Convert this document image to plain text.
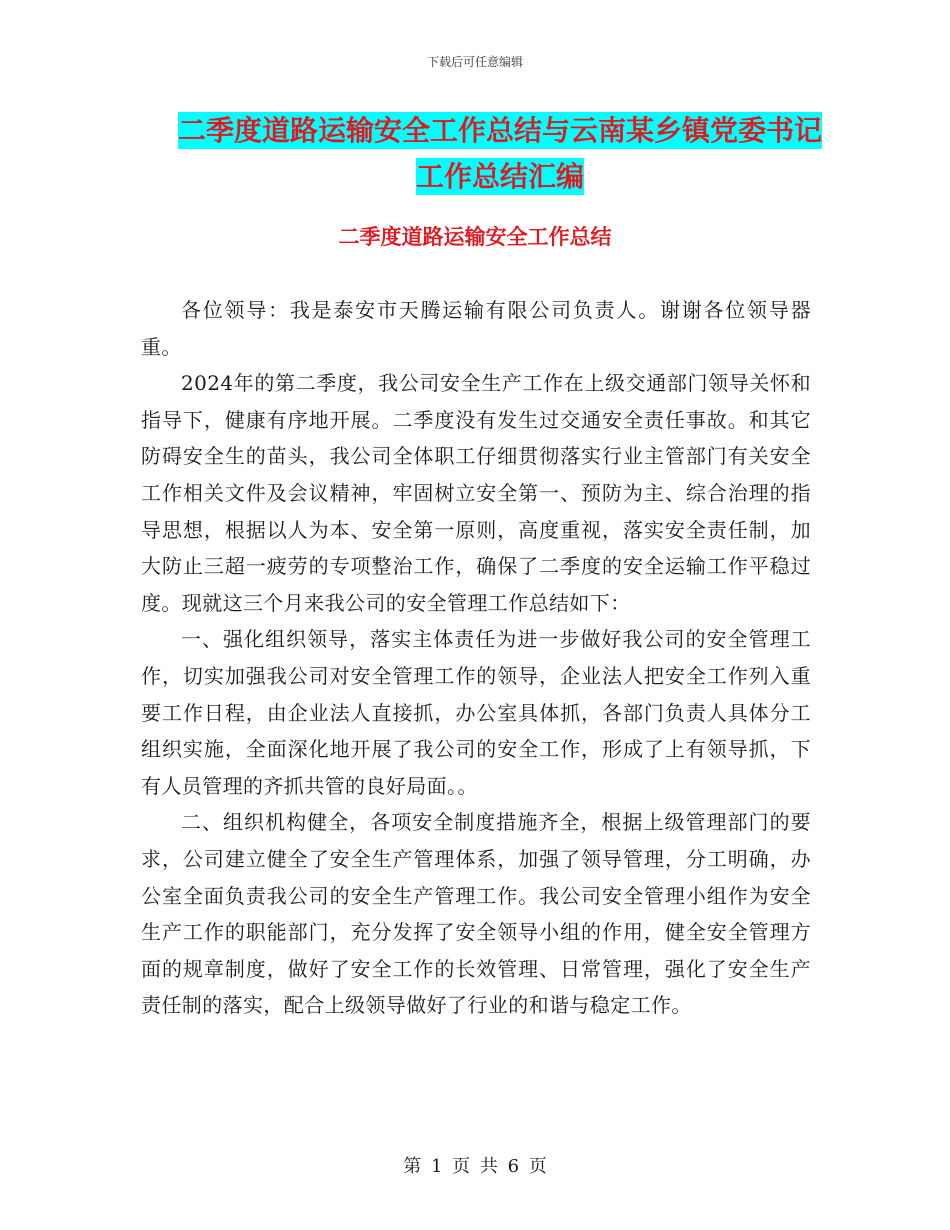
下载后可任意编辑
二季度道路运输安全工作总结与云南某乡镇党委书记
工作总结汇编
二季度道路运输安全工作总结

各位领导：我是泰安市天腾运输有限公司负责人。谢谢各位领导器重。

2024年的第二季度，我公司安全生产工作在上级交通部门领导关怀和指导下，健康有序地开展。二季度没有发生过交通安全责任事故。和其它防碍安全生的苗头，我公司全体职工仔细贯彻落实行业主管部门有关安全工作相关文件及会议精神，牢固树立安全第一、预防为主、综合治理的指导思想，根据以人为本、安全第一原则，高度重视，落实安全责任制，加大防止三超一疲劳的专项整治工作，确保了二季度的安全运输工作平稳过度。现就这三个月来我公司的安全管理工作总结如下：

一、强化组织领导，落实主体责任为进一步做好我公司的安全管理工作，切实加强我公司对安全管理工作的领导，企业法人把安全工作列入重要工作日程，由企业法人直接抓，办公室具体抓，各部门负责人具体分工组织实施，全面深化地开展了我公司的安全工作，形成了上有领导抓，下有人员管理的齐抓共管的良好局面。。

二、组织机构健全，各项安全制度措施齐全，根据上级管理部门的要求，公司建立健全了安全生产管理体系，加强了领导管理，分工明确，办公室全面负责我公司的安全生产管理工作。我公司安全管理小组作为安全生产工作的职能部门，充分发挥了安全领导小组的作用，健全安全管理方面的规章制度，做好了安全工作的长效管理、日常管理，强化了安全生产责任制的落实，配合上级领导做好了行业的和谐与稳定工作。

第 1 页 共 6 页
